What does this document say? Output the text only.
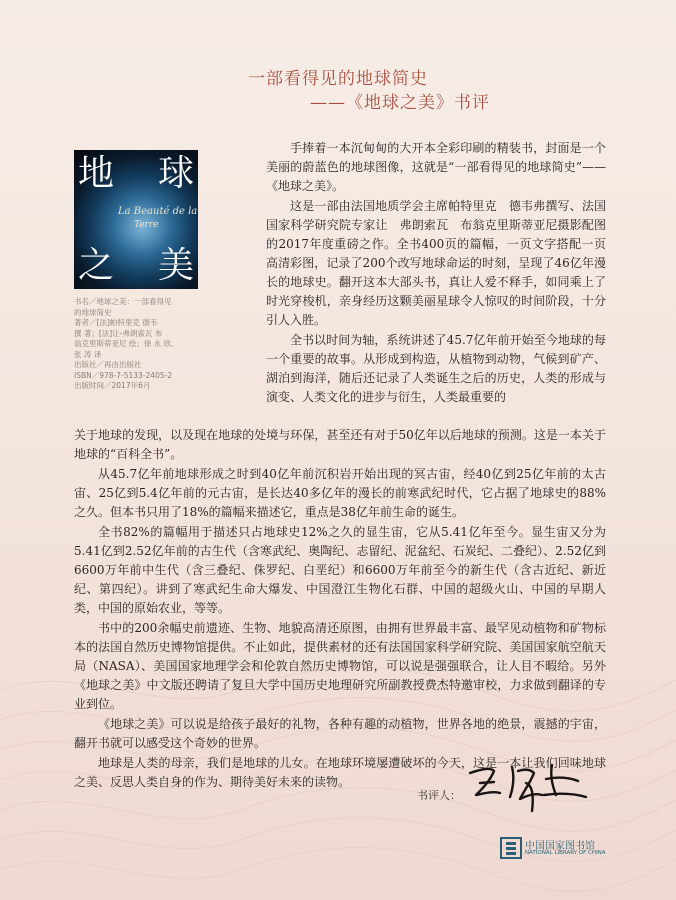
一部看得见的地球简史
——《地球之美》书评
地 球
之 美
La Beauté de la
Terre
书名／地球之美：一部看得见
的地球简史
著者／[法]帕特里克 德韦
撰 著；[法]让-弗朗索瓦 布
翁克里斯蒂亚尼 绘；徐 永 欣、
张 涛 译
出版社／再由出版社
ISBN／978-7-5133-2405-2
出版时间／2017年6月

手捧着一本沉甸甸的大开本全彩印刷的精装书，封面是一个美丽的蔚蓝色的地球图像，这就是“一部看得见的地球简史”——《地球之美》。

这是一部由法国地质学会主席帕特里克　德韦弗撰写、法国国家科学研究院专家让　弗朗索瓦　布翁克里斯蒂亚尼摄影配图的2017年度重磅之作。全书400页的篇幅，一页文字搭配一页高清彩图，记录了200个改写地球命运的时刻，呈现了46亿年漫长的地球史。翻开这本大部头书，真让人爱不释手，如同乘上了时光穿梭机，亲身经历这颗美丽星球令人惊叹的时间阶段，十分引人入胜。

全书以时间为轴，系统讲述了45.7亿年前开始至今地球的每一个重要的故事。从形成到构造，从植物到动物，气候到矿产、湖泊到海洋，随后还记录了人类诞生之后的历史，人类的形成与演变、人类文化的进步与衍生，人类最重要的

关于地球的发现，以及现在地球的处境与环保，甚至还有对于50亿年以后地球的预测。这是一本关于地球的“百科全书”。

从45.7亿年前地球形成之时到40亿年前沉积岩开始出现的冥古宙，经40亿到25亿年前的太古宙、25亿到5.4亿年前的元古宙，是长达40多亿年的漫长的前寒武纪时代，它占据了地球史的88%之久。但本书只用了18%的篇幅来描述它，重点是38亿年前生命的诞生。

全书82%的篇幅用于描述只占地球史12%之久的显生宙，它从5.41亿年至今。显生宙又分为5.41亿到2.52亿年前的古生代（含寒武纪、奥陶纪、志留纪、泥盆纪、石炭纪、二叠纪）、2.52亿到6600万年前中生代（含三叠纪、侏罗纪、白垩纪）和6600万年前至今的新生代（含古近纪、新近纪、第四纪）。讲到了寒武纪生命大爆发、中国澄江生物化石群、中国的超级火山、中国的早期人类，中国的原始农业，等等。

书中的200余幅史前遗迹、生物、地貌高清还原图，由拥有世界最丰富、最罕见动植物和矿物标本的法国自然历史博物馆提供。不止如此，提供素材的还有法国国家科学研究院、美国国家航空航天局（NASA）、美国国家地理学会和伦敦自然历史博物馆，可以说是强强联合，让人目不暇给。另外《地球之美》中文版还聘请了复旦大学中国历史地理研究所副教授费杰特邀审校，力求做到翻译的专业到位。

《地球之美》可以说是给孩子最好的礼物，各种有趣的动植物，世界各地的绝景，震撼的宇宙，翻开书就可以感受这个奇妙的世界。

地球是人类的母亲，我们是地球的儿女。在地球环境屡遭破坏的今天，这是一本让我们回味地球之美、反思人类自身的作为、期待美好未来的读物。

书评人：
中国国家图书馆
NATIONAL LIBRARY OF CHINA
